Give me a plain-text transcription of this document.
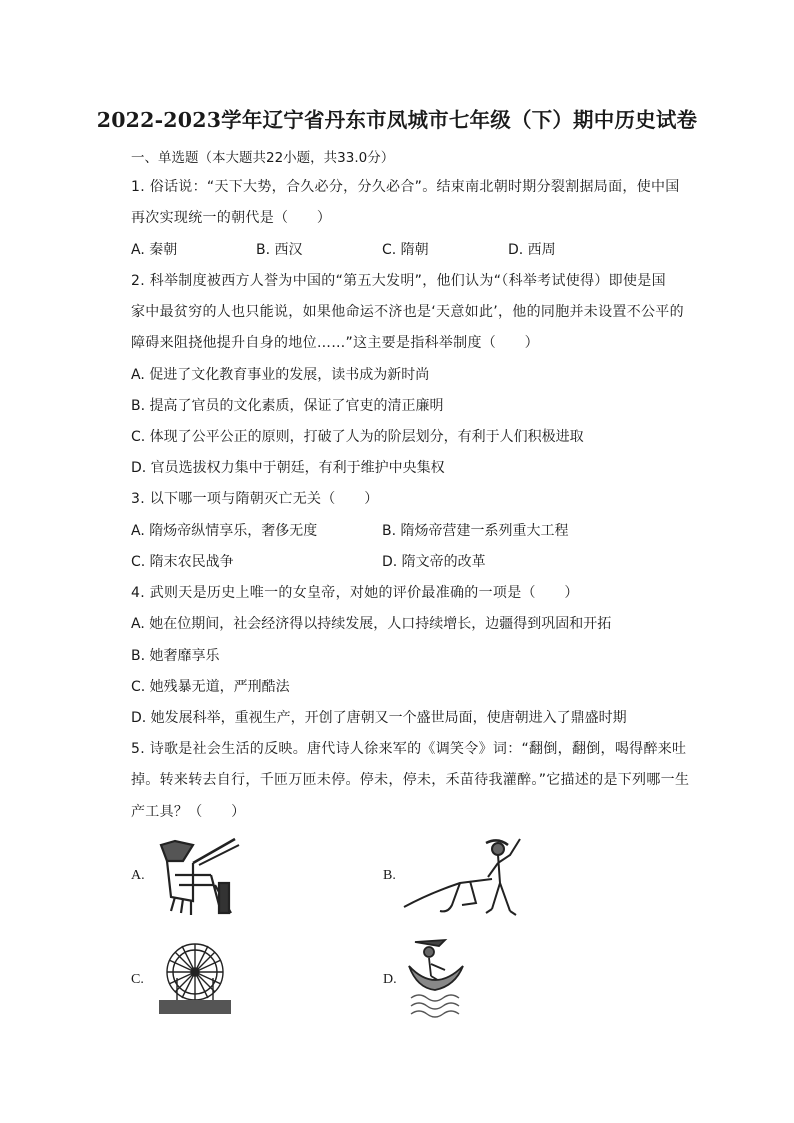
2022-2023学年辽宁省丹东市凤城市七年级（下）期中历史试卷
一、单选题（本大题共22小题，共33.0分）
1. 俗话说：“天下大势，合久必分，分久必合”。结束南北朝时期分裂割据局面，使中国
再次实现统一的朝代是（　　）
A. 秦朝	B. 西汉	C. 隋朝	D. 西周
2. 科举制度被西方人誉为中国的“第五大发明”，他们认为“（科举考试使得）即使是国
家中最贫穷的人也只能说，如果他命运不济也是‘天意如此’，他的同胞并未设置不公平的
障碍来阻挠他提升自身的地位……”这主要是指科举制度（　　）
A. 促进了文化教育事业的发展，读书成为新时尚
B. 提高了官员的文化素质，保证了官吏的清正廉明
C. 体现了公平公正的原则，打破了人为的阶层划分，有利于人们积极进取
D. 官员选拔权力集中于朝廷，有利于维护中央集权
3. 以下哪一项与隋朝灭亡无关（　　）
A. 隋炀帝纵情享乐，奢侈无度	B. 隋炀帝营建一系列重大工程
C. 隋末农民战争	D. 隋文帝的改革
4. 武则天是历史上唯一的女皇帝，对她的评价最准确的一项是（　　）
A. 她在位期间，社会经济得以持续发展，人口持续增长，边疆得到巩固和开拓
B. 她奢靡享乐
C. 她残暴无道，严刑酷法
D. 她发展科举，重视生产，开创了唐朝又一个盛世局面，使唐朝进入了鼎盛时期
5. 诗歌是社会生活的反映。唐代诗人徐来军的《调笑令》词：“翻倒，翻倒，喝得醉来吐
掉。转来转去自行，千匝万匝未停。停未，停未，禾苗待我灌醉。”它描述的是下列哪一生
产工具？（　　）
A.	B.
C.	D.
